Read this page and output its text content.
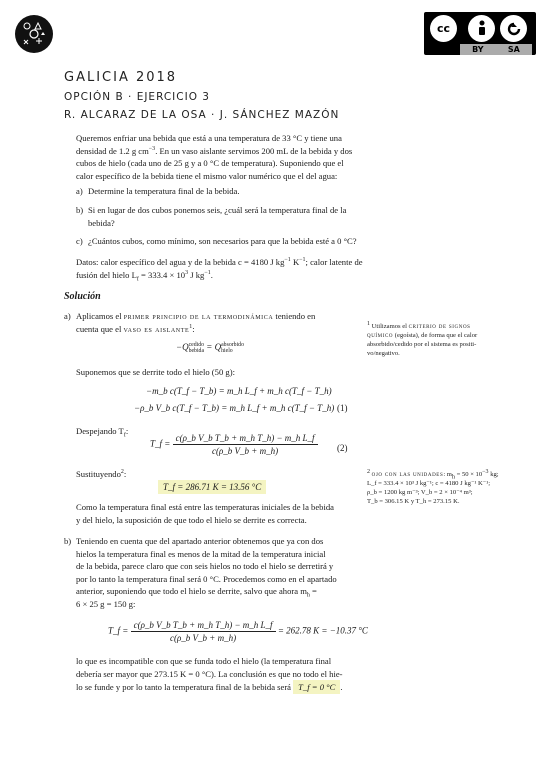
cc
BY	SA
GALICIA 2018
OPCIÓN B · EJERCICIO 3
R. ALCARAZ DE LA OSA · J. SÁNCHEZ MAZÓN
Queremos enfriar una bebida que está a una temperatura de 33 °C y tiene una
densidad de 1.2 g $cm^{-3}$. En un vaso aislante servimos 200 mL de la bebida y dos
cubos de hielo (cada uno de 25 g y a 0 °C de temperatura). Suponiendo que el
calor específico de la bebida tiene el mismo valor numérico que el del agua:
a) Determine la temperatura final de la bebida.
b) Si en lugar de dos cubos ponemos seis, ¿cuál será la temperatura final de la
bebida?
c) ¿Cuántos cubos, como mínimo, son necesarios para que la bebida esté a 0 °C?
Datos: calor específico del agua y de la bebida c = 4180 J $kg^{-1}$ $K^{-1}$; calor latente de
fusión del hielo $L_f = 333.4 \times 10^3$ J $kg^{-1}$.
Solución
a) Aplicamos el primer principio de la termodinámica teniendo en
cuenta que el vaso es aislante$^1$:
−Q cedido
bebida = Q absorbido
hielo
Suponemos que se derrite todo el hielo (50 g):
−m_b c(T_f − T_b) = m_h L_f + m_h c(T_f − T_h)
−ρ_b V_b c(T_f − T_b) = m_h L_f + m_h c(T_f − T_h) (1)
Despejando $T_f$:
T_f = $\frac{\text{c(ρ\_b V\_b T\_b + m\_h T\_h) − m\_h L\_f}}{\text{c(ρ\_b V\_b + m\_h)}} (2)$
Sustituyendo$^2$:
T_f = 286.71 K = 13.56 °C
Como la temperatura final está entre las temperaturas iniciales de la bebida
y del hielo, la suposición de que todo el hielo se derrite es correcta.
b) Teniendo en cuenta que del apartado anterior obtenemos que ya con dos
hielos la temperatura final es menos de la mitad de la temperatura inicial
de la bebida, parece claro que con seis hielos no todo el hielo se derretirá y
por lo tanto la temperatura final será 0 °C. Procedemos como en el apartado
anterior, suponiendo que todo el hielo se derrite, salvo que ahora $m_h$ =
6 × 25 g = 150 g:
T_f = $\frac{\text{c(ρ\_b V\_b T\_b + m\_h T\_h) − m\_h L\_f}}{\text{c(ρ\_b V\_b + m\_h)}} = 262.78$ K = −10.37 °C
lo que es incompatible con que se funda todo el hielo (la temperatura final
debería ser mayor que 273.15 K = 0 °C). La conclusión es que no todo el hie-
lo se funde y por lo tanto la temperatura final de la bebida será T_f = 0 °C .
$^1$ Utilizamos el criterio de signos
químico (egoísta), de forma que el calor
absorbido/cedido por el sistema es positi-
vo/negativo.
$^2$ ojo con las unidades: $m_h = 50 \times 10^{-3}$ kg;
L_f = 333.4 × 10³ J kg⁻¹; c = 4180 J kg⁻¹ K⁻¹;
ρ_b = 1200 kg m⁻³; V_b = 2 × 10⁻⁴ m³;
T_b = 306.15 K y T_h = 273.15 K.
